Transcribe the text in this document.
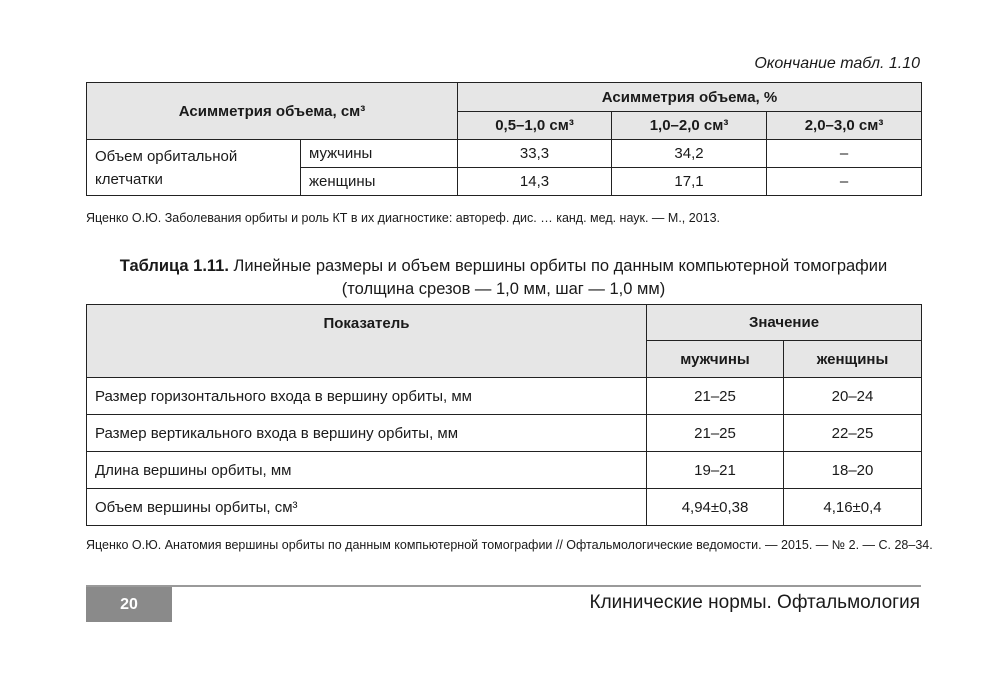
Окончание табл. 1.10
Асимметрия объема, см³		Асимметрия объема, %		
		0,5–1,0 см³	1,0–2,0 см³	2,0–3,0 см³
Объем орбитальной клетчатки	мужчины	33,3	34,2	–
	женщины	14,3	17,1	–
Яценко О.Ю. Заболевания орбиты и роль КТ в их диагностике: автореф. дис. … канд. мед. наук. — М., 2013.
Таблица 1.11. Линейные размеры и объем вершины орбиты по данным компьютерной томографии
(толщина срезов — 1,0 мм, шаг — 1,0 мм)
Показатель	Значение	
	мужчины	женщины
Размер горизонтального входа в вершину орбиты, мм	21–25	20–24
Размер вертикального входа в вершину орбиты, мм	21–25	22–25
Длина вершины орбиты, мм	19–21	18–20
Объем вершины орбиты, см³	4,94±0,38	4,16±0,4
Яценко О.Ю. Анатомия вершины орбиты по данным компьютерной томографии // Офтальмологические ведомости. — 2015. — № 2. — С. 28–34.
20	Клинические нормы. Офтальмология
